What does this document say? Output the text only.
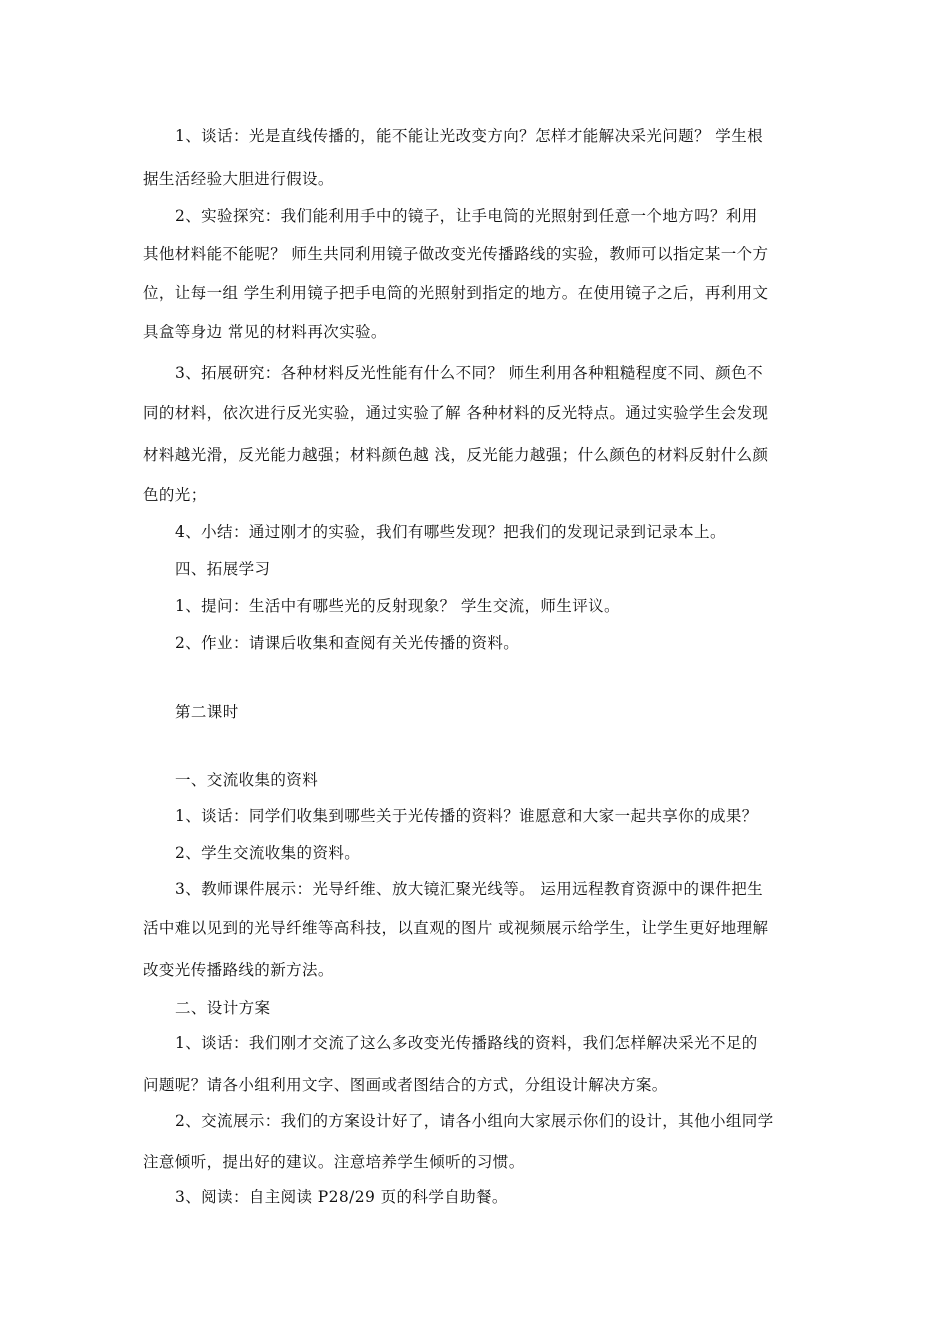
1、谈话：光是直线传播的，能不能让光改变方向？怎样才能解决采光问题？ 学生根
据生活经验大胆进行假设。
2、实验探究：我们能利用手中的镜子，让手电筒的光照射到任意一个地方吗？利用
其他材料能不能呢？ 师生共同利用镜子做改变光传播路线的实验，教师可以指定某一个方
位，让每一组 学生利用镜子把手电筒的光照射到指定的地方。在使用镜子之后，再利用文
具盒等身边 常见的材料再次实验。
3、拓展研究：各种材料反光性能有什么不同？ 师生利用各种粗糙程度不同、颜色不
同的材料，依次进行反光实验，通过实验了解 各种材料的反光特点。通过实验学生会发现
材料越光滑，反光能力越强；材料颜色越 浅，反光能力越强；什么颜色的材料反射什么颜
色的光；
4、小结：通过刚才的实验，我们有哪些发现？把我们的发现记录到记录本上。
四、拓展学习
1、提问：生活中有哪些光的反射现象？ 学生交流，师生评议。
2、作业：请课后收集和查阅有关光传播的资料。
第二课时
一、交流收集的资料
1、谈话：同学们收集到哪些关于光传播的资料？谁愿意和大家一起共享你的成果？
2、学生交流收集的资料。
3、教师课件展示：光导纤维、放大镜汇聚光线等。 运用远程教育资源中的课件把生
活中难以见到的光导纤维等高科技，以直观的图片 或视频展示给学生，让学生更好地理解
改变光传播路线的新方法。
二、设计方案
1、谈话：我们刚才交流了这么多改变光传播路线的资料，我们怎样解决采光不足的
问题呢？请各小组利用文字、图画或者图结合的方式，分组设计解决方案。
2、交流展示：我们的方案设计好了，请各小组向大家展示你们的设计，其他小组同学
注意倾听，提出好的建议。注意培养学生倾听的习惯。
3、阅读：自主阅读 P28/29 页的科学自助餐。
